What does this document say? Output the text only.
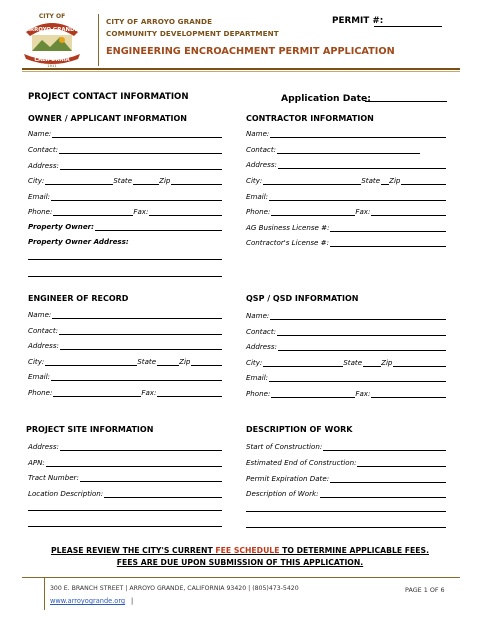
CITY OF
ARROYO GRANDE
CALIFORNIA
1911
CITY OF ARROYO GRANDE
COMMUNITY DEVELOPMENT DEPARTMENT
ENGINEERING ENCROACHMENT PERMIT APPLICATION
PERMIT #:
PROJECT CONTACT INFORMATION	Application Date:
OWNER / APPLICANT INFORMATION
Name:
Contact:
Address:
City:	State	Zip
Email:
Phone:	Fax:
Property Owner:
Property Owner Address:
CONTRACTOR INFORMATION
Name:
Contact:
Address:
City:	State Zip
Email:
Phone:	Fax:
AG Business License #:
Contractor's License #:
ENGINEER OF RECORD
Name:
Contact:
Address:
City:	State	Zip
Email:
Phone:	Fax:
QSP / QSD INFORMATION
Name:
Contact:
Address:
City:	State	Zip
Email:
Phone:	Fax:
PROJECT SITE INFORMATION
Address:
APN:
Tract Number:
Location Description:
DESCRIPTION OF WORK
Start of Construction:
Estimated End of Construction:
Permit Expiration Date:
Description of Work:
PLEASE REVIEW THE CITY'S CURRENT FEE SCHEDULE TO DETERMINE APPLICABLE FEES.
FEES ARE DUE UPON SUBMISSION OF THIS APPLICATION.
300 E. BRANCH STREET | ARROYO GRANDE, CALIFORNIA 93420 | (805)473-5420
www.arroyogrande.org |
PAGE 1 OF 6
